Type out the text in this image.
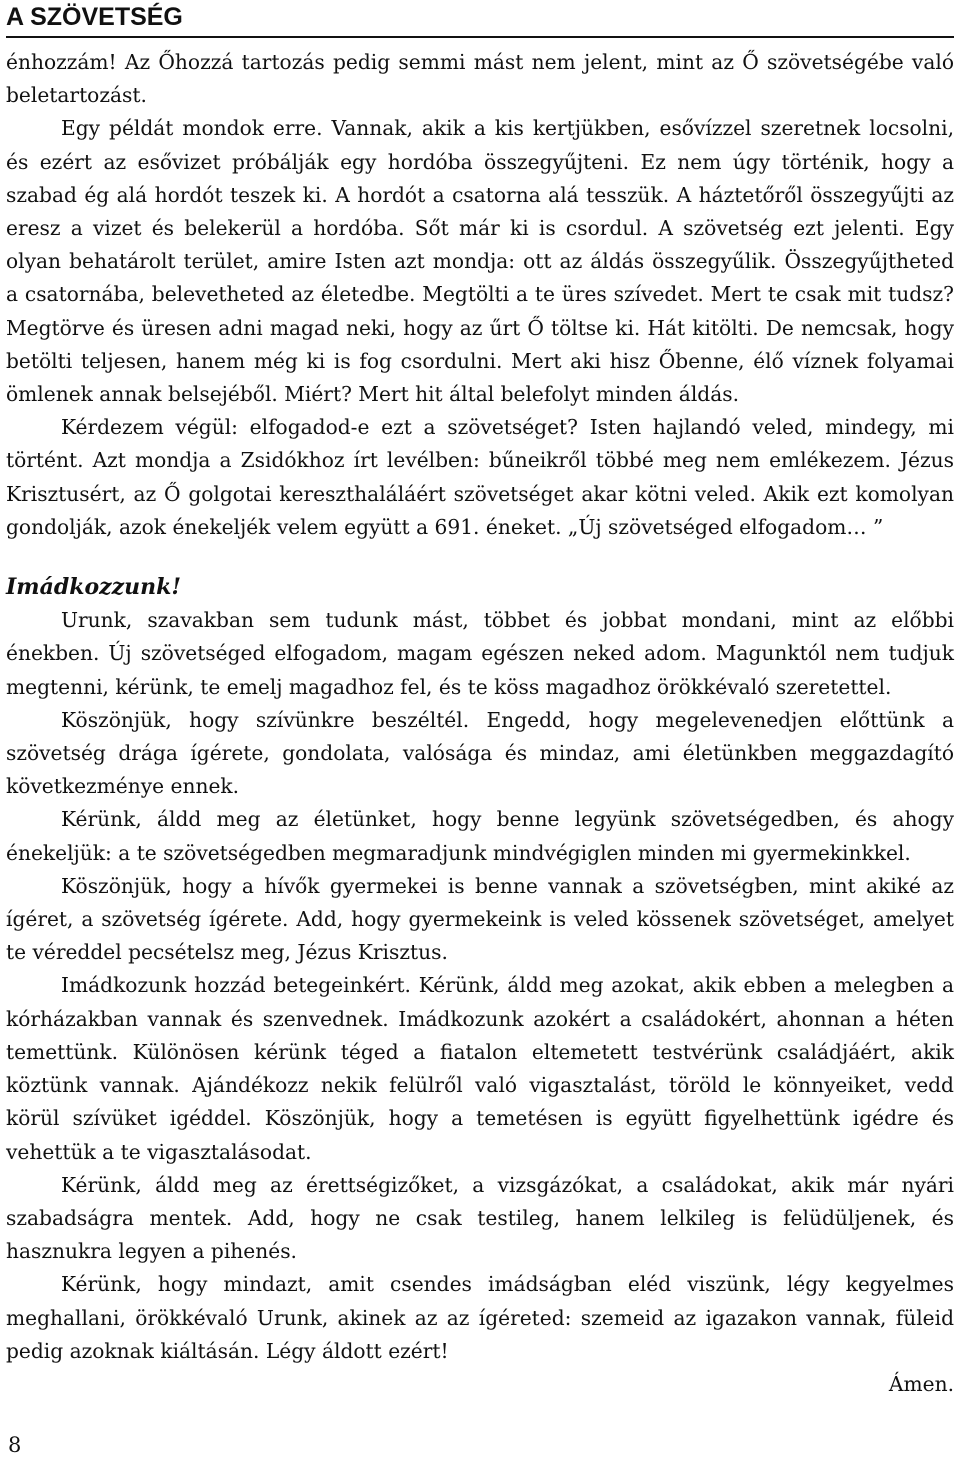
A SZÖVETSÉG

énhozzám! Az Őhozzá tartozás pedig semmi mást nem jelent, mint az Ő szövetségébe való beletartozást.

Egy példát mondok erre. Vannak, akik a kis kertjükben, esővízzel szeretnek locsolni, és ezért az esővizet próbálják egy hordóba összegyűjteni. Ez nem úgy történik, hogy a szabad ég alá hordót teszek ki. A hordót a csatorna alá tesszük. A háztetőről összegyűjti az eresz a vizet és belekerül a hordóba. Sőt már ki is csordul. A szövetség ezt jelenti. Egy olyan behatárolt terület, amire Isten azt mondja: ott az áldás összegyűlik. Összegyűjtheted a csatornába, belevetheted az életedbe. Megtölti a te üres szívedet. Mert te csak mit tudsz? Megtörve és üresen adni magad neki, hogy az űrt Ő töltse ki. Hát kitölti. De nemcsak, hogy betölti teljesen, hanem még ki is fog csordulni. Mert aki hisz Őbenne, élő víznek folyamai ömlenek annak belsejéből. Miért? Mert hit által belefolyt minden áldás.

Kérdezem végül: elfogadod-e ezt a szövetséget? Isten hajlandó veled, mindegy, mi történt. Azt mondja a Zsidókhoz írt levélben: bűneikről többé meg nem emlékezem. Jézus Krisztusért, az Ő golgotai kereszthaláláért szövetséget akar kötni veled. Akik ezt komolyan gondolják, azok énekeljék velem együtt a 691. éneket. „Új szövetséged elfogadom… ”

Imádkozzunk!

Urunk, szavakban sem tudunk mást, többet és jobbat mondani, mint az előbbi énekben. Új szövetséged elfogadom, magam egészen neked adom. Magunktól nem tudjuk megtenni, kérünk, te emelj magadhoz fel, és te köss magadhoz örökkévaló szeretettel.

Köszönjük, hogy szívünkre beszéltél. Engedd, hogy megelevenedjen előttünk a szövetség drága ígérete, gondolata, valósága és mindaz, ami életünkben meggazdagító következménye ennek.

Kérünk, áldd meg az életünket, hogy benne legyünk szövetségedben, és ahogy énekeljük: a te szövetségedben megmaradjunk mindvégiglen minden mi gyermekinkkel.

Köszönjük, hogy a hívők gyermekei is benne vannak a szövetségben, mint akiké az ígéret, a szövetség ígérete. Add, hogy gyermekeink is veled kössenek szövetséget, amelyet te véreddel pecsételsz meg, Jézus Krisztus.

Imádkozunk hozzád betegeinkért. Kérünk, áldd meg azokat, akik ebben a melegben a kórházakban vannak és szenvednek. Imádkozunk azokért a családokért, ahonnan a héten temettünk. Különösen kérünk téged a fiatalon eltemetett testvérünk családjáért, akik köztünk vannak. Ajándékozz nekik felülről való vigasztalást, töröld le könnyeiket, vedd körül szívüket igéddel. Köszönjük, hogy a temetésen is együtt figyelhettünk igédre és vehettük a te vigasztalásodat.

Kérünk, áldd meg az érettségizőket, a vizsgázókat, a családokat, akik már nyári szabadságra mentek. Add, hogy ne csak testileg, hanem lelkileg is felüdüljenek, és hasznukra legyen a pihenés.

Kérünk, hogy mindazt, amit csendes imádságban eléd viszünk, légy kegyelmes meghallani, örökkévaló Urunk, akinek az az ígéreted: szemeid az igazakon vannak, füleid pedig azoknak kiáltásán. Légy áldott ezért!

Ámen.

8
